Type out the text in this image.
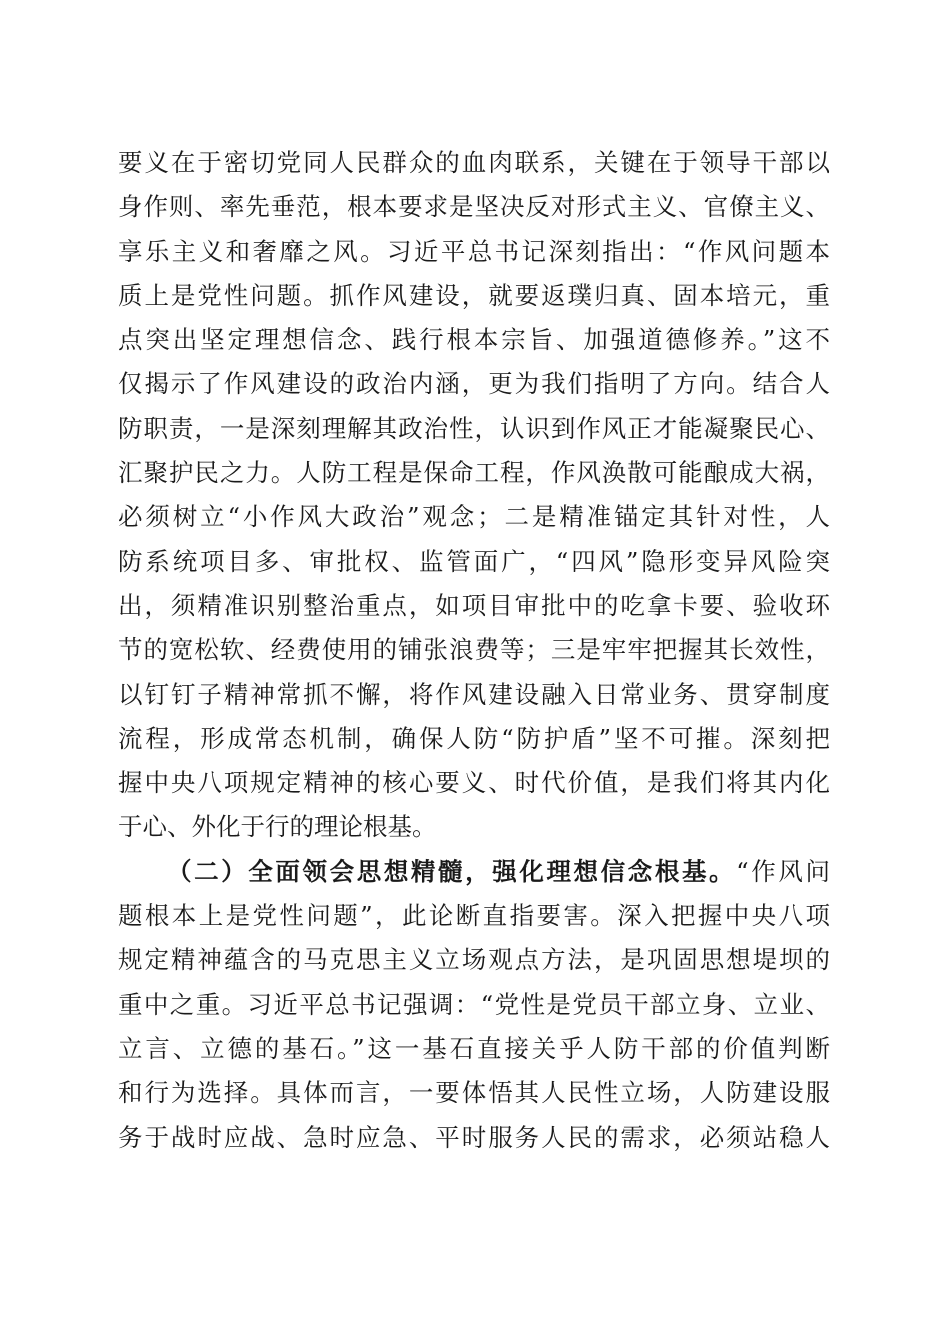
要义在于密切党同人民群众的血肉联系，关键在于领导干部以
身作则、率先垂范，根本要求是坚决反对形式主义、官僚主义、
享乐主义和奢靡之风。习近平总书记深刻指出：“作风问题本
质上是党性问题。抓作风建设，就要返璞归真、固本培元，重
点突出坚定理想信念、践行根本宗旨、加强道德修养。”这不
仅揭示了作风建设的政治内涵，更为我们指明了方向。结合人
防职责，一是深刻理解其政治性，认识到作风正才能凝聚民心、
汇聚护民之力。人防工程是保命工程，作风涣散可能酿成大祸，
必须树立“小作风大政治”观念；二是精准锚定其针对性，人
防系统项目多、审批权、监管面广，“四风”隐形变异风险突
出，须精准识别整治重点，如项目审批中的吃拿卡要、验收环
节的宽松软、经费使用的铺张浪费等；三是牢牢把握其长效性，
以钉钉子精神常抓不懈，将作风建设融入日常业务、贯穿制度
流程，形成常态机制，确保人防“防护盾”坚不可摧。深刻把
握中央八项规定精神的核心要义、时代价值，是我们将其内化
于心、外化于行的理论根基。
（二）全面领会思想精髓，强化理想信念根基。“作风问
题根本上是党性问题”，此论断直指要害。深入把握中央八项
规定精神蕴含的马克思主义立场观点方法，是巩固思想堤坝的
重中之重。习近平总书记强调：“党性是党员干部立身、立业、
立言、立德的基石。”这一基石直接关乎人防干部的价值判断
和行为选择。具体而言，一要体悟其人民性立场，人防建设服
务于战时应战、急时应急、平时服务人民的需求，必须站稳人
